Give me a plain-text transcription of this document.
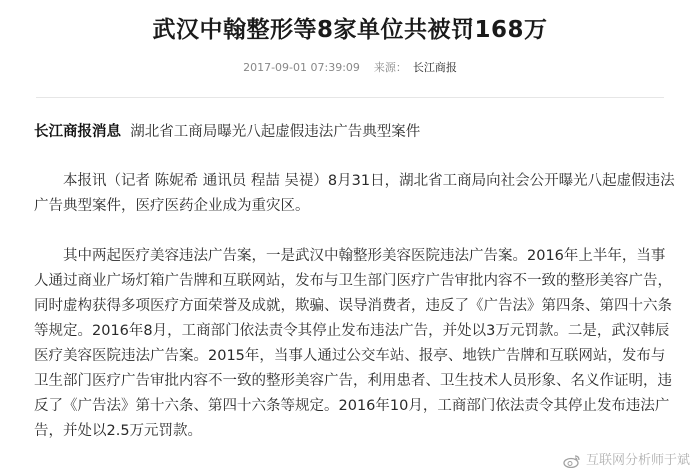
武汉中翰整形等8家单位共被罚168万
2017-09-01 07:39:09 来源： 长江商报
长江商报消息 湖北省工商局曝光八起虚假违法广告典型案件
本报讯（记者 陈妮希 通讯员 程喆 吴禔）8月31日，湖北省工商局向社会公开曝光八起虚假违法
广告典型案件，医疗医药企业成为重灾区。
其中两起医疗美容违法广告案，一是武汉中翰整形美容医院违法广告案。2016年上半年，当事
人通过商业广场灯箱广告牌和互联网站，发布与卫生部门医疗广告审批内容不一致的整形美容广告，
同时虚构获得多项医疗方面荣誉及成就，欺骗、误导消费者，违反了《广告法》第四条、第四十六条
等规定。2016年8月，工商部门依法责令其停止发布违法广告，并处以3万元罚款。二是，武汉韩辰
医疗美容医院违法广告案。2015年，当事人通过公交车站、报亭、地铁广告牌和互联网站，发布与
卫生部门医疗广告审批内容不一致的整形美容广告，利用患者、卫生技术人员形象、名义作证明，违
反了《广告法》第十六条、第四十六条等规定。2016年10月，工商部门依法责令其停止发布违法广
告，并处以2.5万元罚款。
互联网分析师于斌
